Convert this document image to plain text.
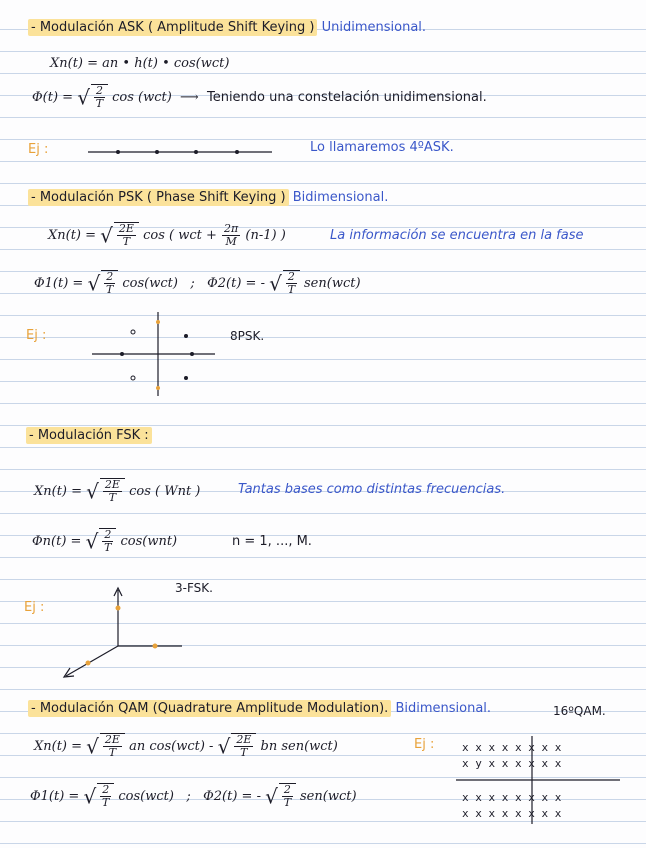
- Modulación ASK ( Amplitude Shift Keying ) Unidimensional.
Xn(t) = an • h(t) • cos(wct)
Φ(t) = √ $\frac{2}{T}$ cos (wct)  ⟶  Teniendo una constelación unidimensional.
Ej :	Lo llamaremos 4ºASK.
- Modulación PSK ( Phase Shift Keying ) Bidimensional.
Xn(t) = √ $\frac{2E}{T}$ cos ( wct + $\frac{2\pi}{M} (n-1)$ )	La información se encuentra en la fase
Φ1(t) = √ $\frac{2}{T} \cos(wct)$ ; Φ2(t) = - √ $\frac{2}{T} sen(wct)$
Ej :	8PSK.
- Modulación FSK :
Xn(t) = √ $\frac{2E}{T}$ cos ( Wnt )	Tantas bases como distintas frecuencias.
Φn(t) = √ $\frac{2}{T} \cos(wnt)$	n = 1, ..., M.
3-FSK.
Ej :
- Modulación QAM (Quadrature Amplitude Modulation). Bidimensional.	16ºQAM.
Xn(t) = √ $\frac{2E}{T}$ an cos(wct) - √ $\frac{2E}{T}$ bn sen(wct)	Ej :
Φ1(t) = √ $\frac{2}{T} \cos(wct)$ ; Φ2(t) = - √ $\frac{2}{T} sen(wct)$
x x x x x x x x
x y x x x x x x
x x x x x x x x
x x x x x x x x
